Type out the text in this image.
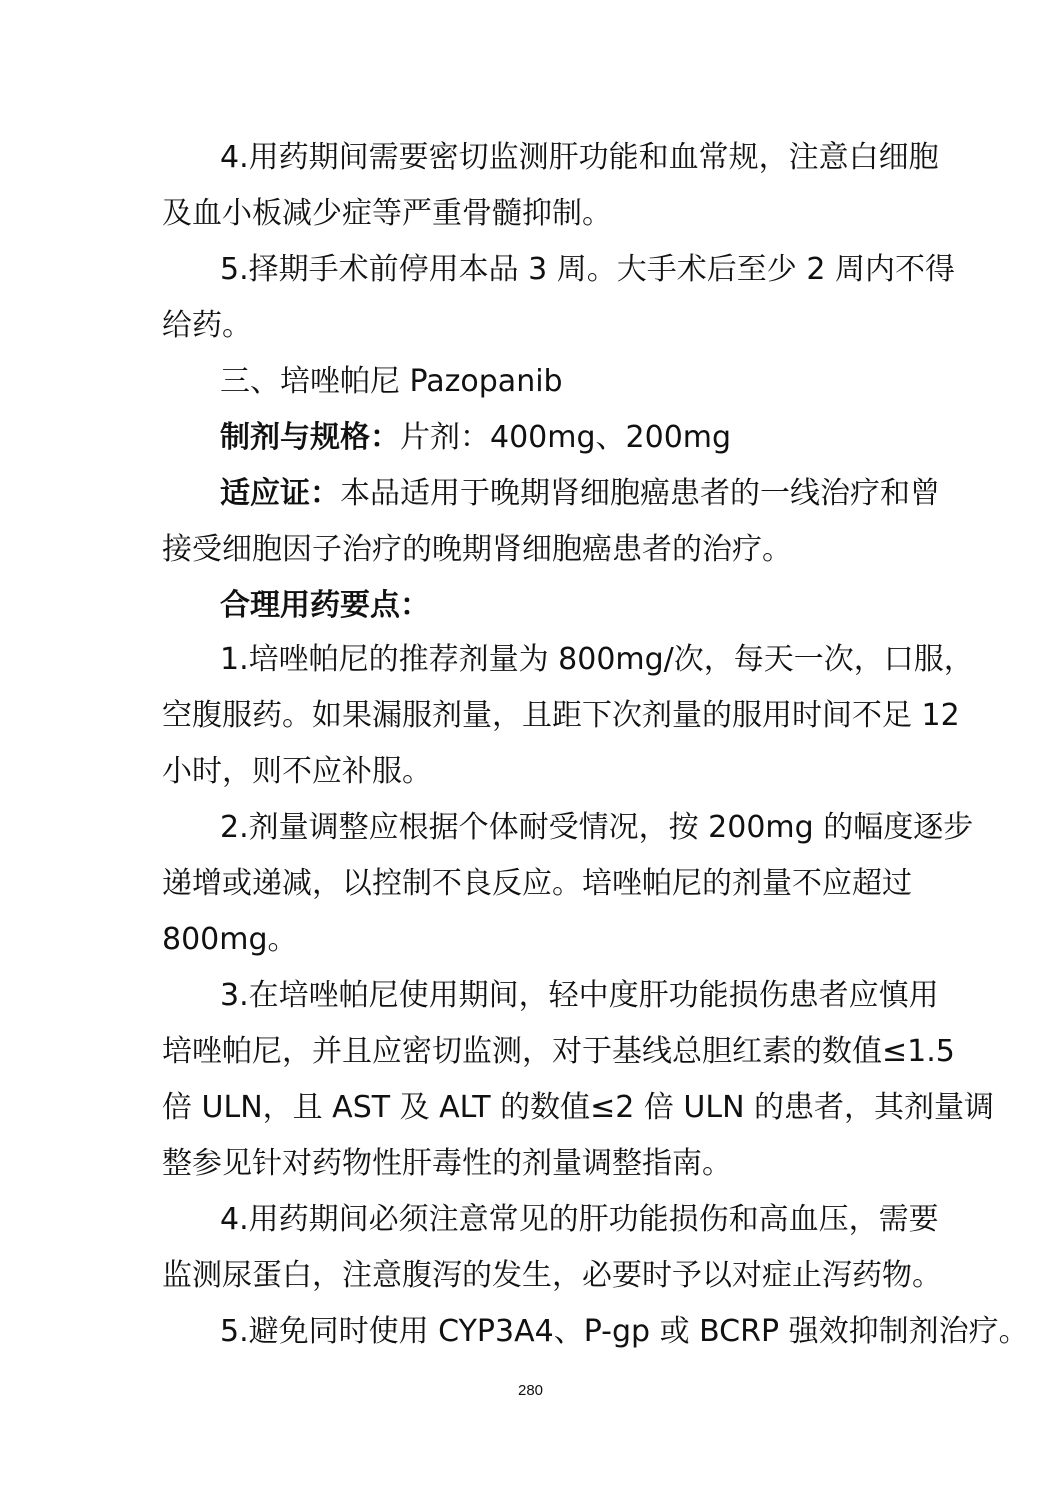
4.用药期间需要密切监测肝功能和血常规，注意白细胞
及血小板减少症等严重骨髓抑制。
5.择期手术前停用本品 3 周。大手术后至少 2 周内不得
给药。
三、培唑帕尼 Pazopanib
制剂与规格：片剂：400mg、200mg
适应证：本品适用于晚期肾细胞癌患者的一线治疗和曾
接受细胞因子治疗的晚期肾细胞癌患者的治疗。
合理用药要点：
1.培唑帕尼的推荐剂量为 800mg/次，每天一次，口服，
空腹服药。如果漏服剂量，且距下次剂量的服用时间不足 12
小时，则不应补服。
2.剂量调整应根据个体耐受情况，按 200mg 的幅度逐步
递增或递减，以控制不良反应。培唑帕尼的剂量不应超过
800mg。
3.在培唑帕尼使用期间，轻中度肝功能损伤患者应慎用
培唑帕尼，并且应密切监测，对于基线总胆红素的数值≤1.5
倍 ULN，且 AST 及 ALT 的数值≤2 倍 ULN 的患者，其剂量调
整参见针对药物性肝毒性的剂量调整指南。
4.用药期间必须注意常见的肝功能损伤和高血压，需要
监测尿蛋白，注意腹泻的发生，必要时予以对症止泻药物。
5.避免同时使用 CYP3A4、P-gp 或 BCRP 强效抑制剂治疗。
280
